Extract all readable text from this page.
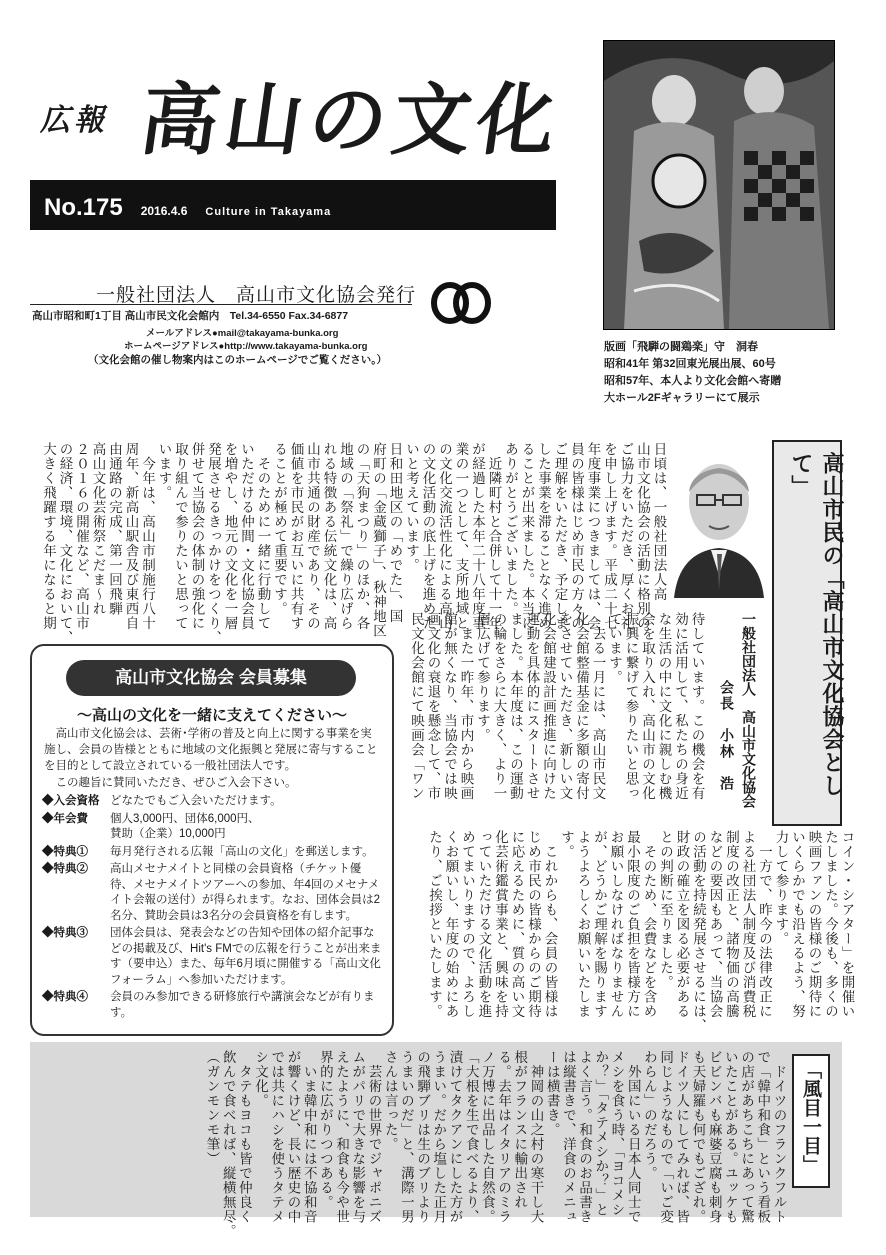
広報 高山の文化
No.175 2016.4.6 Culture in Takayama
一般社団法人　高山市文化協会発行
高山市昭和町1丁目 高山市民文化会館内　Tel.34-6550 Fax.34-6877
メールアドレス●mail@takayama-bunka.org
ホームページアドレス●http://www.takayama-bunka.org
（文化会館の催し物案内はこのホームページでご覧ください。）
版画「飛騨の闘鶏楽」守　洞春
昭和41年 第32回東光展出展、60号
昭和57年、本人より文化会館へ寄贈
大ホール2Fギャラリーにて展示
高山市民の「高山市文化協会として」
一般社団法人　高山市文化協会
会長　小林　浩
日頃は、一般社団法人高
高山市文化協会 会員募集
～高山の文化を一緒に支えてください～
　高山市文化協会は、芸術･学術の普及と向上に関する事業を実施し、会員の皆様とともに地域の文化振興と発展に寄与することを目的として設立されている一般社団法人です。
　この趣旨に賛同いただき、ぜひご入会下さい。
◆入会資格 どなたでもご入会いただけます。
◆年会費	個人3,000円、団体6,000円、
賛助（企業）10,000円
◆特典①	毎月発行される広報「高山の文化」を郵送します。
◆特典②	高山メセナメイトと同様の会員資格（チケット優待、メセナメイトツアーへの参加、年4回のメセナメイト会報の送付）が得られます。なお、団体会員は2名分、賛助会員は3名分の会員資格を有します。
◆特典③	団体会員は、発表会などの告知や団体の紹介記事などの掲載及び、Hit's FMでの広報を行うことが出来ます（要申込）また、毎年6月頃に開催する「高山文化フォーラム」へ参加いただけます。
◆特典④	会員のみ参加できる研修旅行や講演会などが有ります。
「風目一目」
山市文化協会の活動に格別の
ご協力をいただき、厚くお礼
を申し上げます。平成二十七
年度事業につきましては、会
員の皆様はじめ市民の方々の
ご理解をいただき、予定しま
した事業を滞ることなく進め
ることが出来ました。本当に
ありがとうございました。
　近隣町村と合併して十一年
が経過した本年二十八年度事
業の一つとして、支所地域と
の文化交流活性化による高山
の文化活動の底上げを進めた
いと考えています。
日和田地区の「めでた」、国
府町の「金蔵獅子」、秋神地区
の「天狗まつり」のほか、各
地域の「祭礼」で繰り広げら
れる特徴ある伝統文化は、高
山市共通の財産であり、その
価値を市民がお互いに共有す
ることが極めて重要です。
　そのために一緒に行動して
いただける仲間・文化協会員
を増やし、地元の文化を一層
発展させるきっかけをつくり、
併せて当協会の体制の強化に
取り組んで参りたいと思って
います。
　今年は、高山市制施行八十
周年、新高山駅舎及び東西自
由通路の完成、第一回飛騨
高山文化芸術祭こだま～れ
２０１６の開催など、高山市
の経済、環境、文化において、
大きく飛躍する年になると期
待しています。この機会を有
効に活用して、私たちの身近
な生活の中に文化に親しむ機
会を取り入れ、高山市の文化
振興に繋げて参りたいと思っ
ています。
　去る一月には、高山市民文
化会館整備基金に多額の寄付
をさせていただき、新しい文
化会館建設計画推進に向けた
運動を具体的にスタートさせ
ました。本年度は、この運動
の輪をさらに大きく、より一
層広げて参ります。
　また一昨年、市内から映画
館が無くなり、当協会では映
画文化の衰退を懸念して、市
民文化会館にて映画会「ワン
コイン・シアター」を開催い
たしました。今後も、多くの
映画ファンの皆様のご期待に
いくらかでも沿えるよう、努
力して参ります。
　一方で、昨今の法律改正に
よる社団法人制度及び消費税
制度の改正と、諸物価の高騰
などの要因もあって、当協会
の活動を持続発展させるには、
財政の確立を図る必要がある
との判断に至りました。
　そのため、会費などを含め
最小限度のご負担を皆様方に
お願いしなければなりません
が、どうかご理解を賜ります
ようよろしくお願いいたしま
す。
　これからも、会員の皆様は
じめ市民の皆様からのご期待
に応えるために、質の高い文
化芸術鑑賞事業と、興味を持
っていただける文化活動を進
めてまいりますので、よろし
くお願いし、年度の始めにあ
たり、ご挨拶といたします。
　ドイツのフランクフルト
で「韓中和食」という看板
の店があちこちにあって驚
いたことがある。ユッケも
ビビンバも麻婆豆腐も刺身
も天婦羅も何でもござれ。
ドイツ人にしてみれば、皆
同じようなもので「いご変
わらん」のだろう。
　外国にいる日本人同士で
メシを食う時、「ヨコメシ
か？」「タテメシか？」と
よく言う。和食のお品書き
は縦書きで、洋食のメニュ
ーは横書き。
　神岡の山之村の寒干し大
根がフランスに輸出され
る。去年はイタリアのミラ
ノ万博に出品した自然食。
「大根を生で食べるより、
漬けてタクアンにした方が
うまい。だから塩した正月
の飛騨ブリは生のブリより
うまいのだ」と、溝際一男
さんは言った。
　芸術の世界でジャポニズ
ムがパリで大きな影響を与
えたように、和食も今や世
界的に広がりつつある。
　いま韓中和には不協和音
が響くけど、長い歴史の中
では共にハシを使うタテメ
シ文化。
　タテもヨコも皆で仲良く
飲んで食べれば、縦横無尽。
（ガンモンモ筆）
